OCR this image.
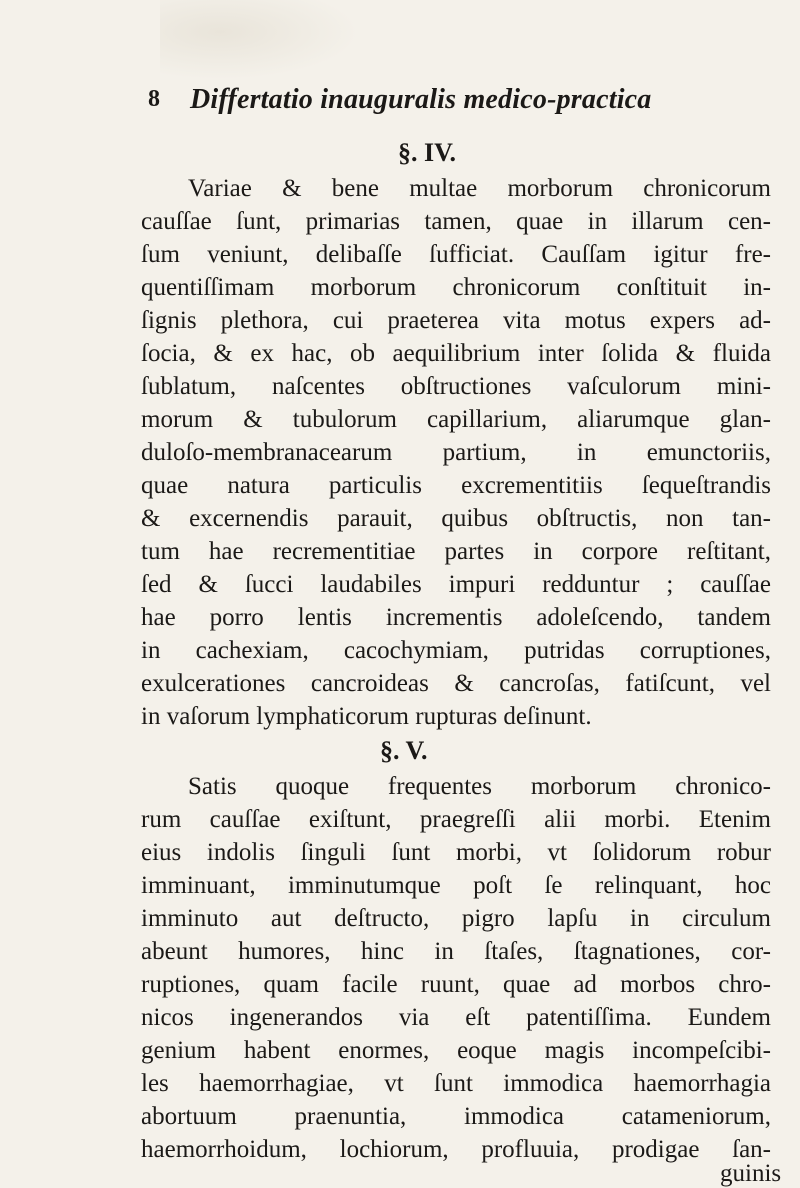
8 Differtatio inauguralis medico-practica
§. IV.
Variae & bene multae morborum chronicorum
cauſſae ſunt, primarias tamen, quae in illarum cen-
ſum veniunt, delibaſſe ſufficiat. Cauſſam igitur fre-
quentiſſimam morborum chronicorum conſtituit in-
ſignis plethora, cui praeterea vita motus expers ad-
ſocia, & ex hac, ob aequilibrium inter ſolida & fluida
ſublatum, naſcentes obſtructiones vaſculorum mini-
morum & tubulorum capillarium, aliarumque glan-
duloſo-membranacearum partium, in emunctoriis,
quae natura particulis excrementitiis ſequeſtrandis
& excernendis parauit, quibus obſtructis, non tan-
tum hae recrementitiae partes in corpore reſtitant,
ſed & ſucci laudabiles impuri redduntur ; cauſſae
hae porro lentis incrementis adoleſcendo, tandem
in cachexiam, cacochymiam, putridas corruptiones,
exulcerationes cancroideas & cancroſas, fatiſcunt, vel
in vaſorum lymphaticorum rupturas deſinunt.
§. V.
Satis quoque frequentes morborum chronico-
rum cauſſae exiſtunt, praegreſſi alii morbi. Etenim
eius indolis ſinguli ſunt morbi, vt ſolidorum robur
imminuant, imminutumque poſt ſe relinquant, hoc
imminuto aut deſtructo, pigro lapſu in circulum
abeunt humores, hinc in ſtaſes, ſtagnationes, cor-
ruptiones, quam facile ruunt, quae ad morbos chro-
nicos ingenerandos via eſt patentiſſima. Eundem
genium habent enormes, eoque magis incompeſcibi-
les haemorrhagiae, vt ſunt immodica haemorrhagia
abortuum praenuntia, immodica catameniorum,
haemorrhoidum, lochiorum, profluuia, prodigae ſan-
guinis
